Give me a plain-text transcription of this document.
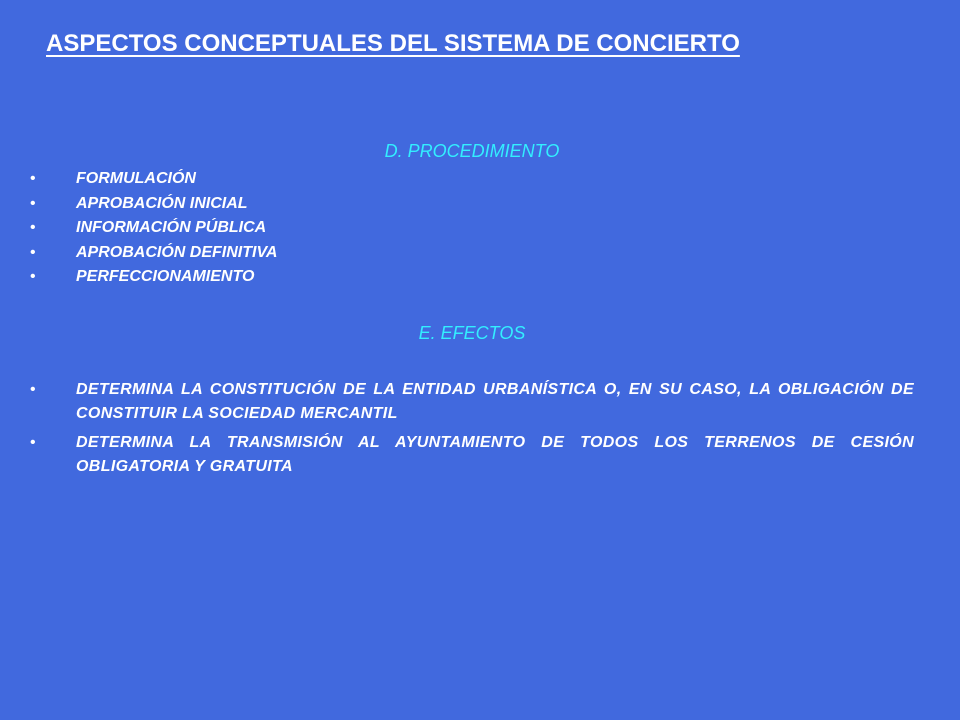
ASPECTOS CONCEPTUALES DEL SISTEMA DE CONCIERTO
D. PROCEDIMIENTO
•	FORMULACIÓN
•	APROBACIÓN INICIAL
•	INFORMACIÓN PÚBLICA
•	APROBACIÓN DEFINITIVA
•	PERFECCIONAMIENTO
E. EFECTOS
•	DETERMINA LA CONSTITUCIÓN DE LA ENTIDAD URBANÍSTICA O, EN SU CASO, LA OBLIGACIÓN DE CONSTITUIR LA SOCIEDAD MERCANTIL
•	DETERMINA LA TRANSMISIÓN AL AYUNTAMIENTO DE TODOS LOS TERRENOS DE CESIÓN OBLIGATORIA Y GRATUITA
